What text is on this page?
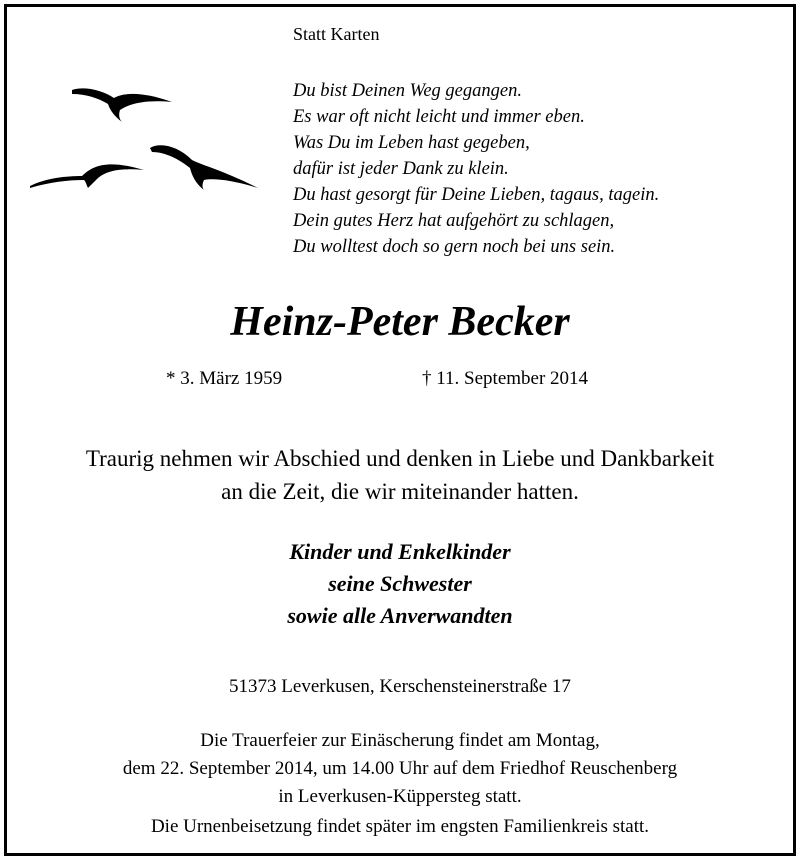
Statt Karten
Du bist Deinen Weg gegangen.
Es war oft nicht leicht und immer eben.
Was Du im Leben hast gegeben,
dafür ist jeder Dank zu klein.
Du hast gesorgt für Deine Lieben, tagaus, tagein.
Dein gutes Herz hat aufgehört zu schlagen,
Du wolltest doch so gern noch bei uns sein.
Heinz-Peter Becker
* 3. März 1959	† 11. September 2014
Traurig nehmen wir Abschied und denken in Liebe und Dankbarkeit
an die Zeit, die wir miteinander hatten.
Kinder und Enkelkinder
seine Schwester
sowie alle Anverwandten
51373 Leverkusen, Kerschensteinerstraße 17
Die Trauerfeier zur Einäscherung findet am Montag,
dem 22. September 2014, um 14.00 Uhr auf dem Friedhof Reuschenberg
in Leverkusen-Küppersteg statt.
Die Urnenbeisetzung findet später im engsten Familienkreis statt.
